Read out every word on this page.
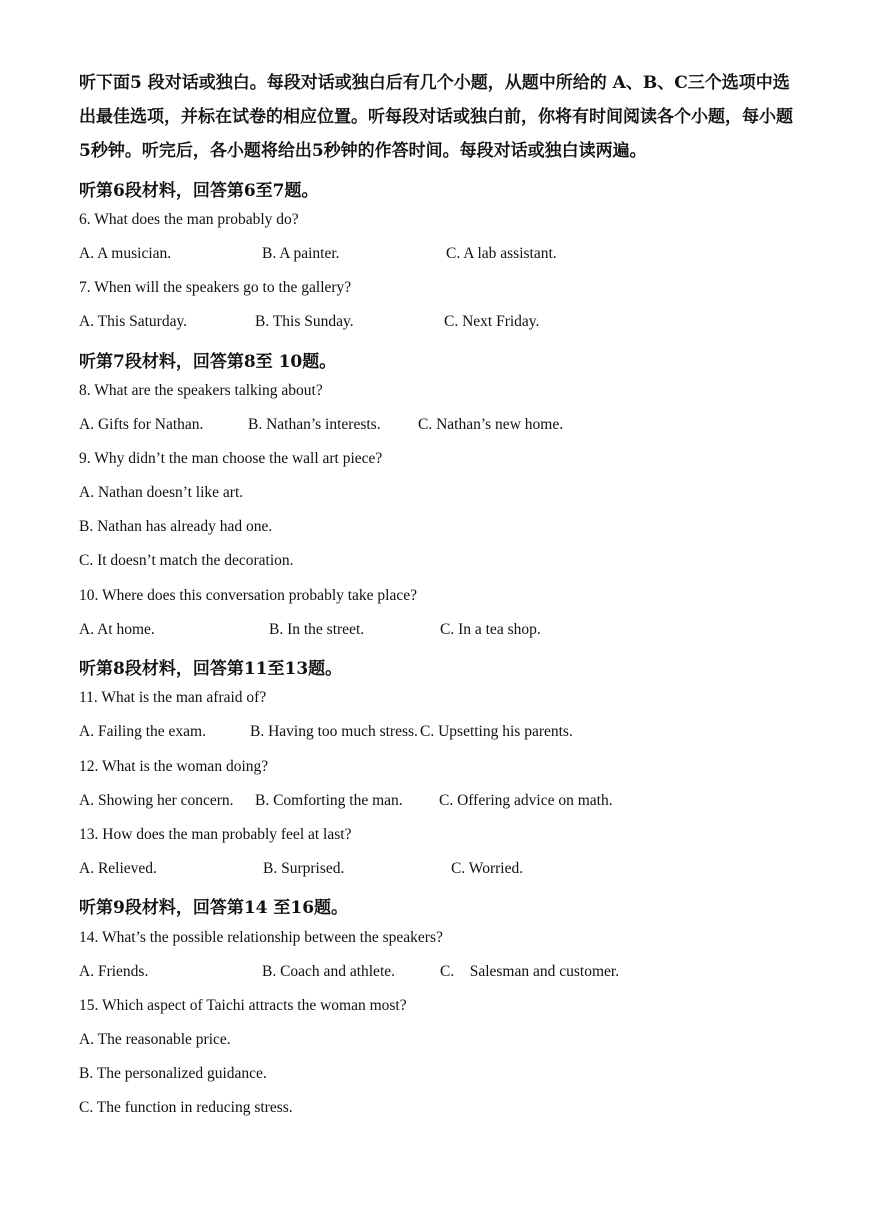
听下面5 段对话或独白。每段对话或独白后有几个小题，从题中所给的 A、B、C三个选项中选出最佳选项，并标在试卷的相应位置。听每段对话或独白前，你将有时间阅读各个小题，每小题5秒钟。听完后，各小题将给出5秒钟的作答时间。每段对话或独白读两遍。

听第6段材料，回答第6至7题。

6. What does the man probably do?

A. A musician.	B. A painter.	C. A lab assistant.

7. When will the speakers go to the gallery?

A. This Saturday.	B. This Sunday.	C. Next Friday.

听第7段材料，回答第8至 10题。

8. What are the speakers talking about?

A. Gifts for Nathan.	B. Nathan’s interests. C. Nathan’s new home.

9. Why didn’t the man choose the wall art piece?

A. Nathan doesn’t like art.

B. Nathan has already had one.

C. It doesn’t match the decoration.

10. Where does this conversation probably take place?

A. At home.	B. In the street.	C. In a tea shop.

听第8段材料，回答第11至13题。

11. What is the man afraid of?

A. Failing the exam.	B. Having too much stress. C. Upsetting his parents.

12. What is the woman doing?

A. Showing her concern. B. Comforting the man. C. Offering advice on math.

13. How does the man probably feel at last?

A. Relieved.	B. Surprised.	C. Worried.

听第9段材料，回答第14 至16题。

14. What’s the possible relationship between the speakers?

A. Friends.	B. Coach and athlete.	C.    Salesman and customer.

15. Which aspect of Taichi attracts the woman most?

A. The reasonable price.

B. The personalized guidance.

C. The function in reducing stress.
